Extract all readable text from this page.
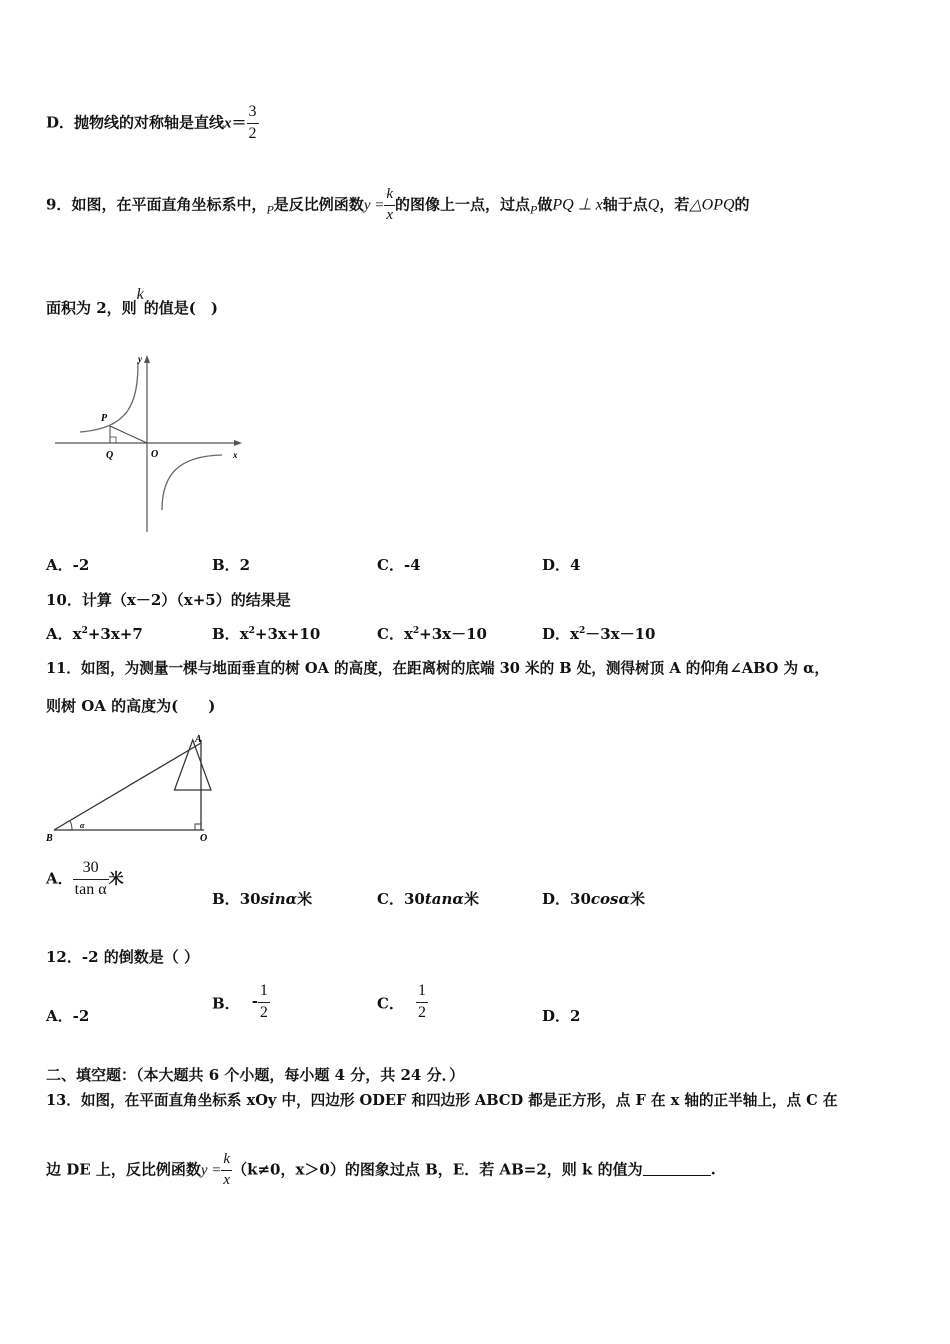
D．抛物线的对称轴是直线$x= \frac{3}{2}$
9．如图，在平面直角坐标系中，$_P$是反比例函数$y = \frac{k}{x}$ 的图像上一点，过点$_P$做PQ ⊥ x轴于点Q，若△OPQ的
面积为 2，则k的值是(　)
y
x
P
Q	O
A．-2	B．2	C．-4	D．4
10．计算（x－2）（x+5）的结果是
A．$x^2+3x+7$	B．$x^2+3x+10$	C．$x^2+3x-10$	D．$x^2-3x-10$
11．如图，为测量一棵与地面垂直的树 OA 的高度，在距离树的底端 30 米的 B 处，测得树顶 A 的仰角∠ABO 为 α，
则树 OA 的高度为(　　)
A
B	O
α
A． $\frac{30}{\text{tan α}}$ 米
B．30sinα米	C．30tanα米	D．30cosα米
12．-2 的倒数是（ ）
A．-2
B． - $\frac{1}{2}$	C． $\frac{1}{2}$	D．2
二、填空题：（本大题共 6 个小题，每小题 4 分，共 24 分．）
13．如图，在平面直角坐标系 xOy 中，四边形 ODEF 和四边形 ABCD 都是正方形，点 F 在 x 轴的正半轴上，点 C 在
边 DE 上，反比例函数$y = \frac{k}{x} (k\ne 0$，x＞0）的图象过点 B，E．若 AB=2，则 k 的值为	.
